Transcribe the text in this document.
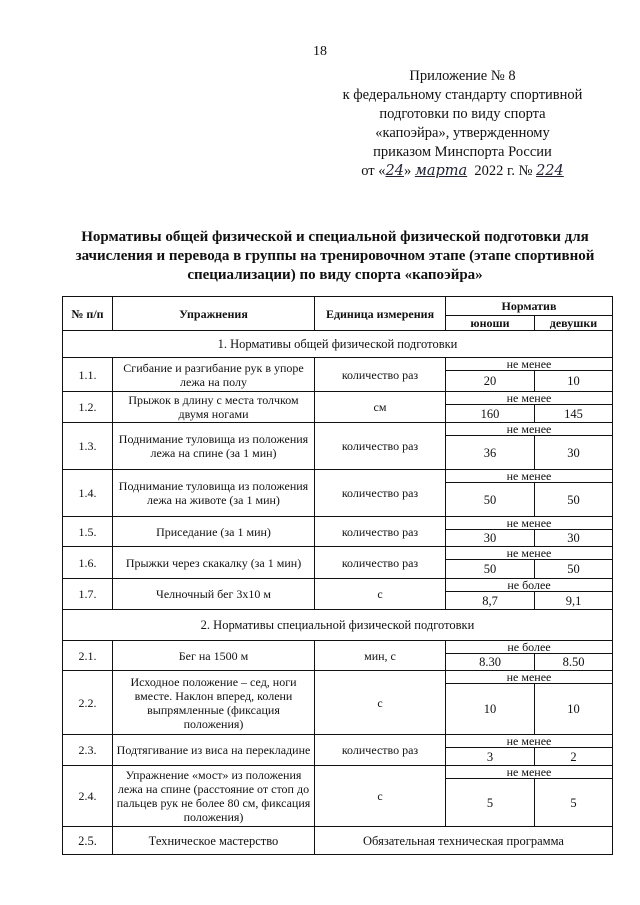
18
Приложение № 8
к федеральному стандарту спортивной
подготовки по виду спорта
«капоэйра», утвержденному
приказом Минспорта России
от «24» марта 2022 г. № 224
Нормативы общей физической и специальной физической подготовки для зачисления и перевода в группы на тренировочном этапе (этапе спортивной специализации) по виду спорта «капоэйра»
№ п/п	Упражнения	Единица измерения	Норматив	
			юноши	девушки
1. Нормативы общей физической подготовки				
1.1.	Сгибание и разгибание рук в упоре лежа на полу	количество раз	не менее	
			20	10
1.2.	Прыжок в длину с места толчком двумя ногами	см	не менее	
			160	145
1.3.	Поднимание туловища из положения лежа на спине (за 1 мин)	количество раз	не менее	
			36	30
1.4.	Поднимание туловища из положения лежа на животе (за 1 мин)	количество раз	не менее	
			50	50
1.5.	Приседание (за 1 мин)	количество раз	не менее	
			30	30
1.6.	Прыжки через скакалку (за 1 мин)	количество раз	не менее	
			50	50
1.7.	Челночный бег 3x10 м	с	не более	
			8,7	9,1
2. Нормативы специальной физической подготовки				
2.1.	Бег на 1500 м	мин, с	не более	
			8.30	8.50
2.2.	Исходное положение – сед, ноги вместе. Наклон вперед, колени выпрямленные (фиксация положения)	с	не менее	
			10	10
2.3.	Подтягивание из виса на перекладине	количество раз	не менее	
			3	2
2.4.	Упражнение «мост» из положения лежа на спине (расстояние от стоп до пальцев рук не более 80 см, фиксация положения)	с	не менее	
			5	5
2.5.	Техническое мастерство	Обязательная техническая программа		
